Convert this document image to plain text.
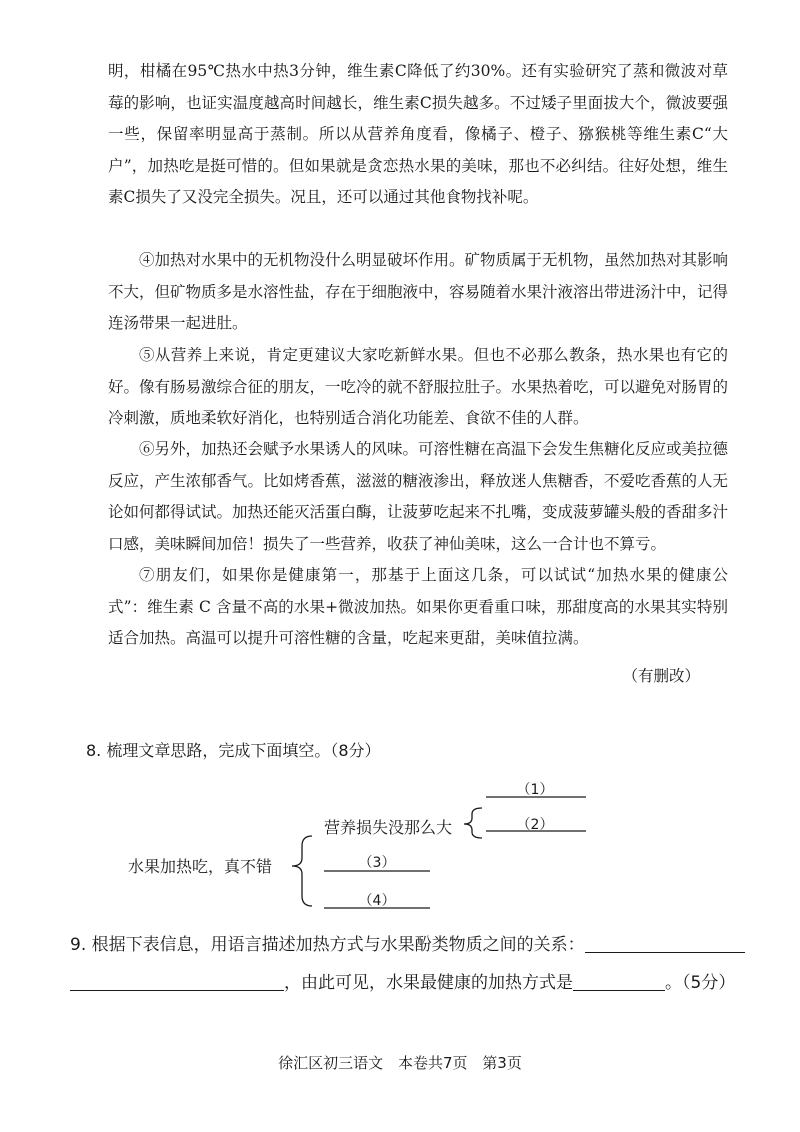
明，柑橘在95℃热水中热3分钟，维生素C降低了约30%。还有实验研究了蒸和微波对草莓的影响，也证实温度越高时间越长，维生素C损失越多。不过矮子里面拔大个，微波要强一些，保留率明显高于蒸制。所以从营养角度看，像橘子、橙子、猕猴桃等维生素C“大户”，加热吃是挺可惜的。但如果就是贪恋热水果的美味，那也不必纠结。往好处想，维生素C损失了又没完全损失。况且，还可以通过其他食物找补呢。

④加热对水果中的无机物没什么明显破坏作用。矿物质属于无机物，虽然加热对其影响不大，但矿物质多是水溶性盐，存在于细胞液中，容易随着水果汁液溶出带进汤汁中，记得连汤带果一起进肚。

⑤从营养上来说，肯定更建议大家吃新鲜水果。但也不必那么教条，热水果也有它的好。像有肠易激综合征的朋友，一吃冷的就不舒服拉肚子。水果热着吃，可以避免对肠胃的冷刺激，质地柔软好消化，也特别适合消化功能差、食欲不佳的人群。

⑥另外，加热还会赋予水果诱人的风味。可溶性糖在高温下会发生焦糖化反应或美拉德反应，产生浓郁香气。比如烤香蕉，滋滋的糖液渗出，释放迷人焦糖香，不爱吃香蕉的人无论如何都得试试。加热还能灭活蛋白酶，让菠萝吃起来不扎嘴，变成菠萝罐头般的香甜多汁口感，美味瞬间加倍！损失了一些营养，收获了神仙美味，这么一合计也不算亏。

⑦朋友们，如果你是健康第一，那基于上面这几条，可以试试“加热水果的健康公式”：维生素 C 含量不高的水果+微波加热。如果你更看重口味，那甜度高的水果其实特别适合加热。高温可以提升可溶性糖的含量，吃起来更甜，美味值拉满。

（有删改）

8. 梳理文章思路，完成下面填空。（8分）

水果加热吃，真不错
营养损失没那么大
（1）
（2）
（3）
（4）
9. 根据下表信息，用语言描述加热方式与水果酚类物质之间的关系：
，由此可见，水果最健康的加热方式是	。（5分）
徐汇区初三语文 本卷共7页 第3页
